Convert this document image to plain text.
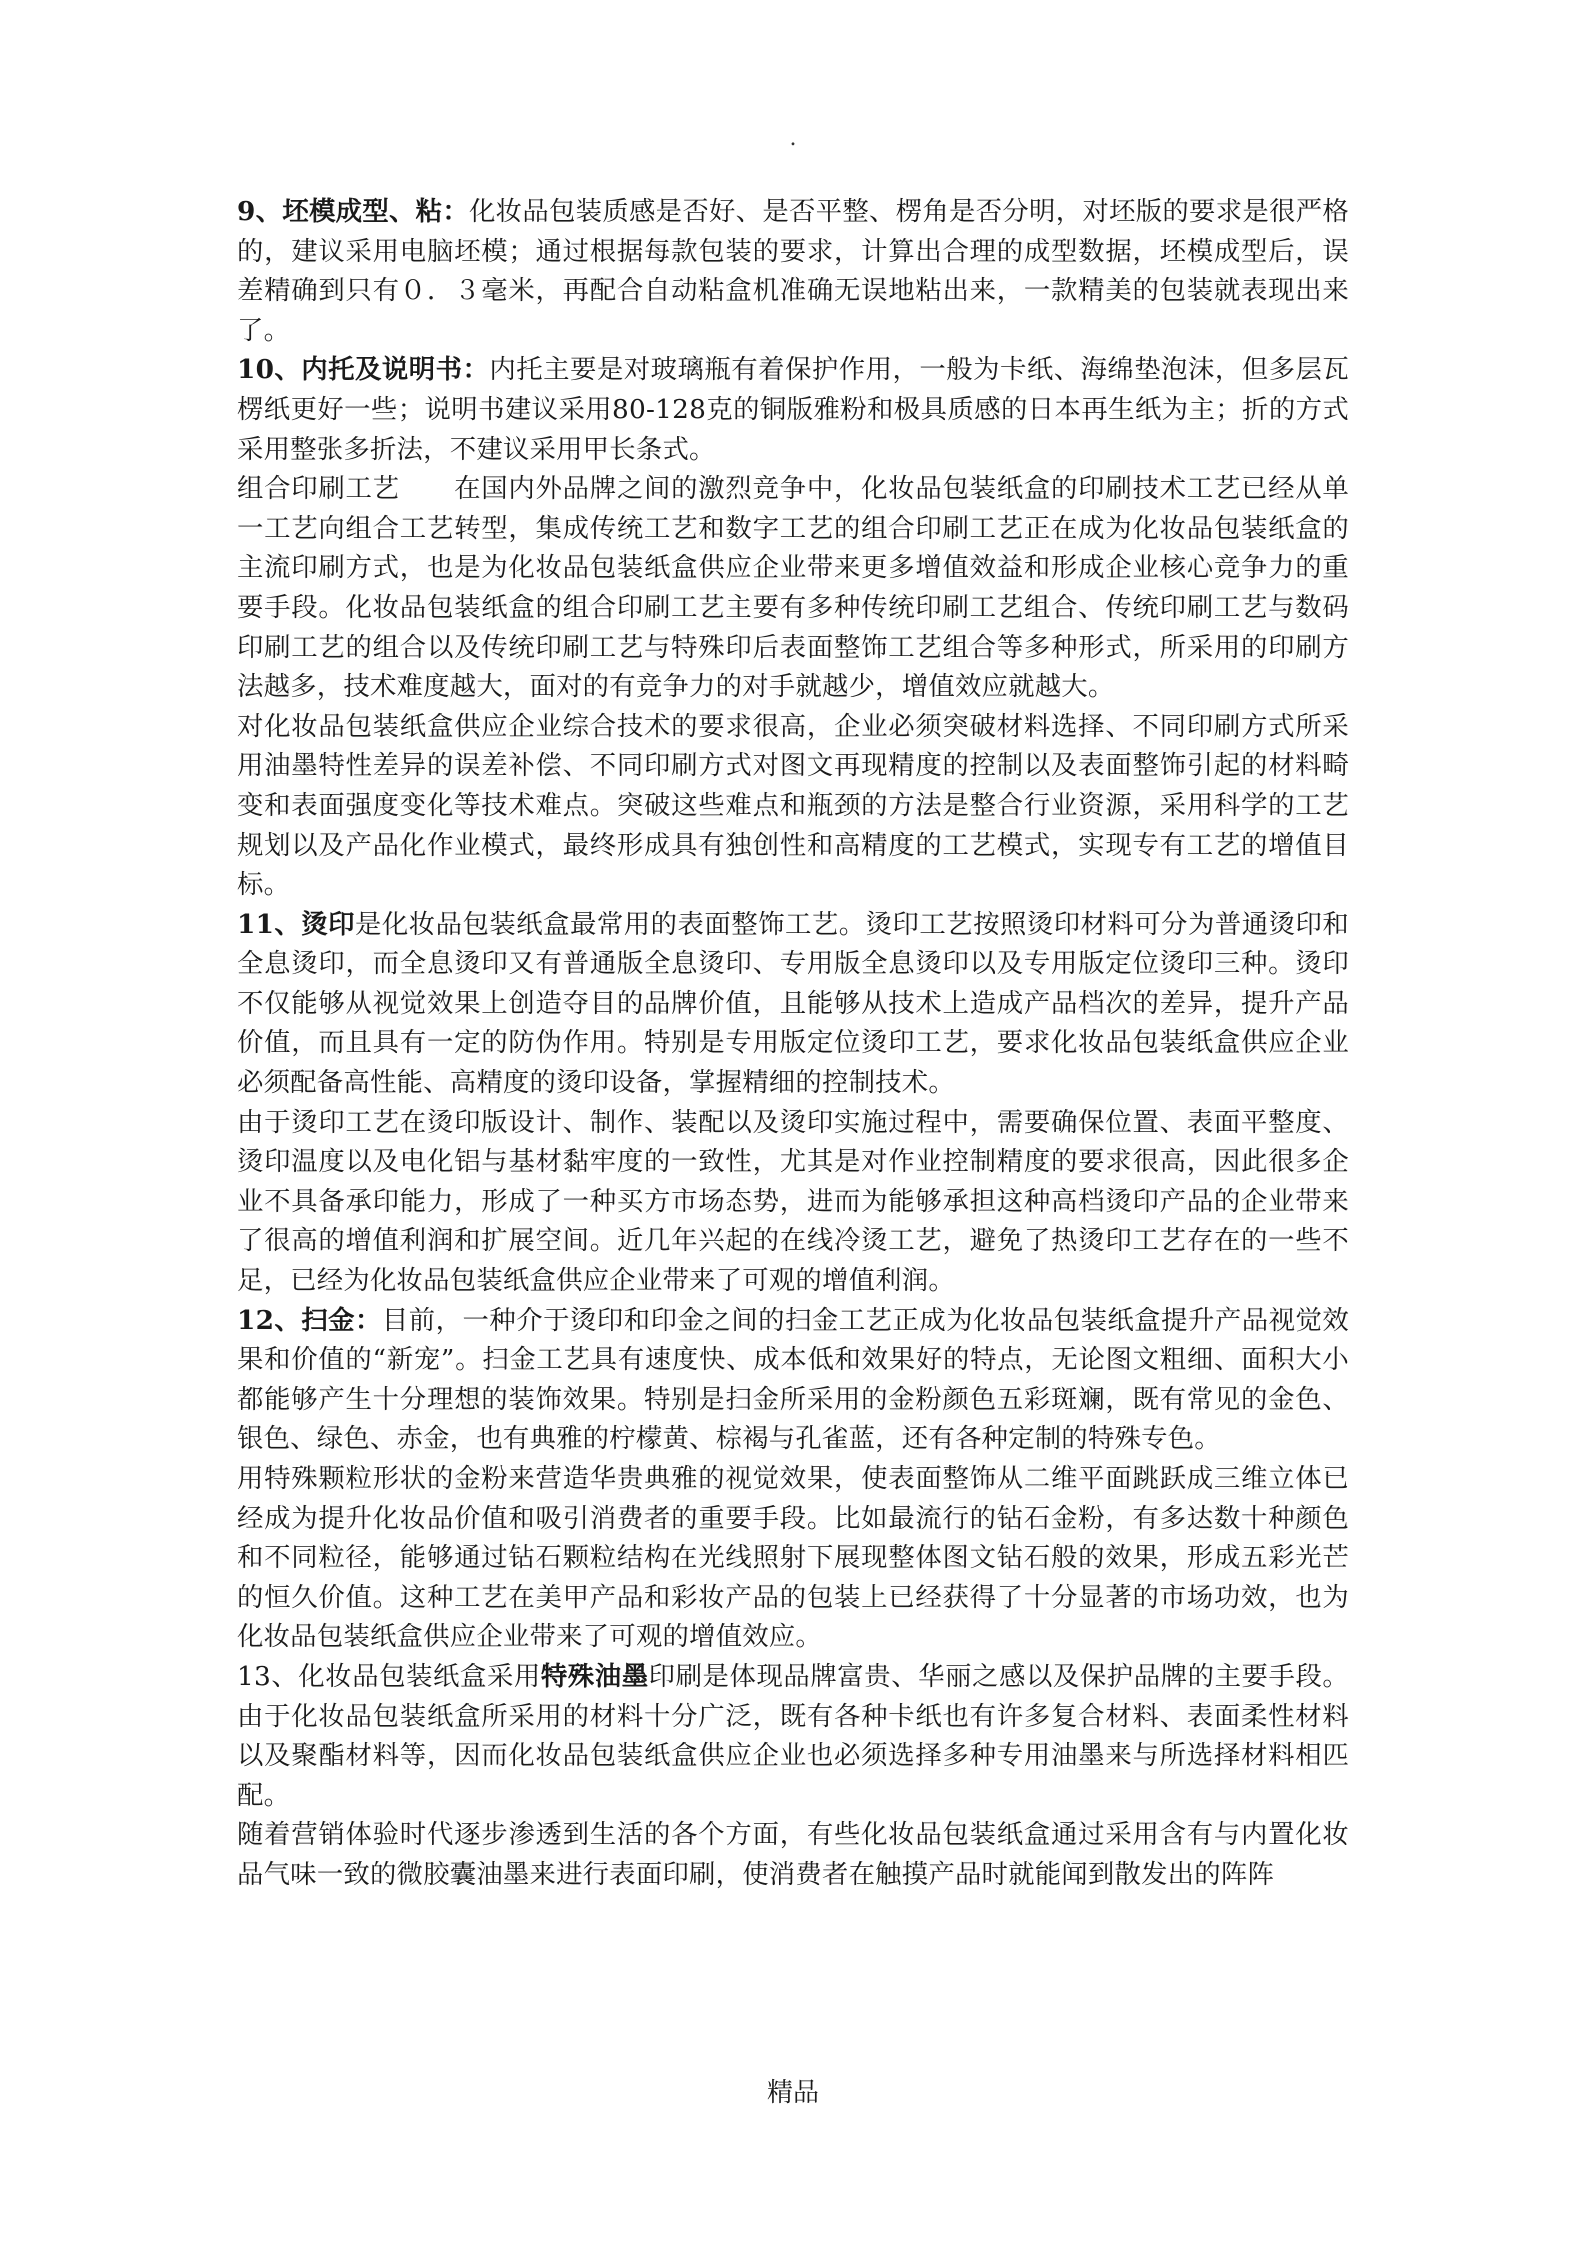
.

9、坯模成型、粘：化妆品包装质感是否好、是否平整、楞角是否分明，对坯版的要求是很严格的，建议采用电脑坯模；通过根据每款包装的要求，计算出合理的成型数据，坯模成型后，误差精确到只有０．３毫米，再配合自动粘盒机准确无误地粘出来，一款精美的包装就表现出来了。

10、内托及说明书：内托主要是对玻璃瓶有着保护作用，一般为卡纸、海绵垫泡沫，但多层瓦楞纸更好一些；说明书建议采用80-128克的铜版雅粉和极具质感的日本再生纸为主；折的方式采用整张多折法，不建议采用甲长条式。

组合印刷工艺　　在国内外品牌之间的激烈竞争中，化妆品包装纸盒的印刷技术工艺已经从单一工艺向组合工艺转型，集成传统工艺和数字工艺的组合印刷工艺正在成为化妆品包装纸盒的主流印刷方式，也是为化妆品包装纸盒供应企业带来更多增值效益和形成企业核心竞争力的重要手段。化妆品包装纸盒的组合印刷工艺主要有多种传统印刷工艺组合、传统印刷工艺与数码印刷工艺的组合以及传统印刷工艺与特殊印后表面整饰工艺组合等多种形式，所采用的印刷方法越多，技术难度越大，面对的有竞争力的对手就越少，增值效应就越大。

对化妆品包装纸盒供应企业综合技术的要求很高，企业必须突破材料选择、不同印刷方式所采用油墨特性差异的误差补偿、不同印刷方式对图文再现精度的控制以及表面整饰引起的材料畸变和表面强度变化等技术难点。突破这些难点和瓶颈的方法是整合行业资源，采用科学的工艺规划以及产品化作业模式，最终形成具有独创性和高精度的工艺模式，实现专有工艺的增值目标。

11、烫印是化妆品包装纸盒最常用的表面整饰工艺。烫印工艺按照烫印材料可分为普通烫印和全息烫印，而全息烫印又有普通版全息烫印、专用版全息烫印以及专用版定位烫印三种。烫印不仅能够从视觉效果上创造夺目的品牌价值，且能够从技术上造成产品档次的差异，提升产品价值，而且具有一定的防伪作用。特别是专用版定位烫印工艺，要求化妆品包装纸盒供应企业必须配备高性能、高精度的烫印设备，掌握精细的控制技术。

由于烫印工艺在烫印版设计、制作、装配以及烫印实施过程中，需要确保位置、表面平整度、烫印温度以及电化铝与基材黏牢度的一致性，尤其是对作业控制精度的要求很高，因此很多企业不具备承印能力，形成了一种买方市场态势，进而为能够承担这种高档烫印产品的企业带来了很高的增值利润和扩展空间。近几年兴起的在线冷烫工艺，避免了热烫印工艺存在的一些不足，已经为化妆品包装纸盒供应企业带来了可观的增值利润。

12、扫金：目前，一种介于烫印和印金之间的扫金工艺正成为化妆品包装纸盒提升产品视觉效果和价值的“新宠”。扫金工艺具有速度快、成本低和效果好的特点，无论图文粗细、面积大小都能够产生十分理想的装饰效果。特别是扫金所采用的金粉颜色五彩斑斓，既有常见的金色、银色、绿色、赤金，也有典雅的柠檬黄、棕褐与孔雀蓝，还有各种定制的特殊专色。

用特殊颗粒形状的金粉来营造华贵典雅的视觉效果，使表面整饰从二维平面跳跃成三维立体已经成为提升化妆品价值和吸引消费者的重要手段。比如最流行的钻石金粉，有多达数十种颜色和不同粒径，能够通过钻石颗粒结构在光线照射下展现整体图文钻石般的效果，形成五彩光芒的恒久价值。这种工艺在美甲产品和彩妆产品的包装上已经获得了十分显著的市场功效，也为化妆品包装纸盒供应企业带来了可观的增值效应。

13、化妆品包装纸盒采用特殊油墨印刷是体现品牌富贵、华丽之感以及保护品牌的主要手段。由于化妆品包装纸盒所采用的材料十分广泛，既有各种卡纸也有许多复合材料、表面柔性材料以及聚酯材料等，因而化妆品包装纸盒供应企业也必须选择多种专用油墨来与所选择材料相匹配。

随着营销体验时代逐步渗透到生活的各个方面，有些化妆品包装纸盒通过采用含有与内置化妆品气味一致的微胶囊油墨来进行表面印刷，使消费者在触摸产品时就能闻到散发出的阵阵

精品
